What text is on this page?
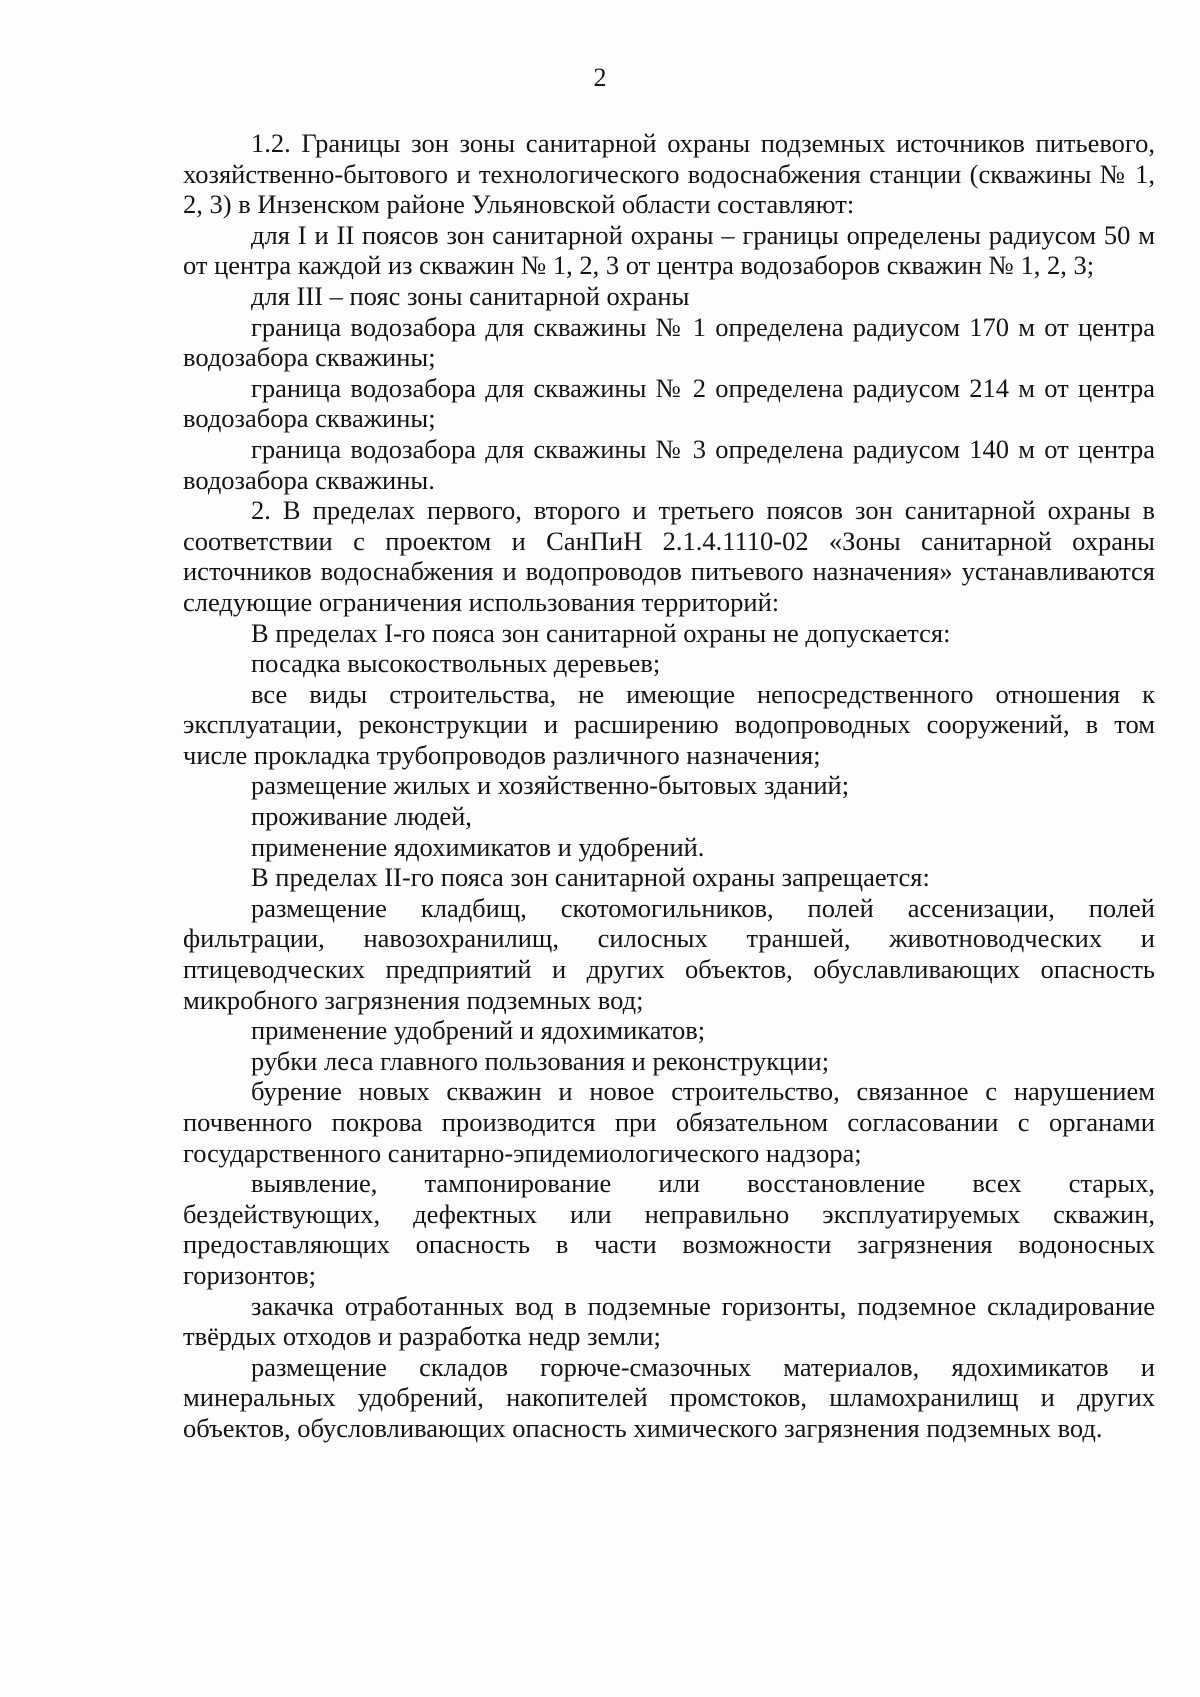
2

1.2. Границы зон зоны санитарной охраны подземных источников питьевого, хозяйственно-бытового и технологического водоснабжения станции (скважины № 1, 2, 3) в Инзенском районе Ульяновской области составляют:

для I и II поясов зон санитарной охраны – границы определены радиусом 50 м от центра каждой из скважин № 1, 2, 3 от центра водозаборов скважин № 1, 2, 3;

для III – пояс зоны санитарной охраны

граница водозабора для скважины № 1 определена радиусом 170 м от центра водозабора скважины;

граница водозабора для скважины № 2 определена радиусом 214 м от центра водозабора скважины;

граница водозабора для скважины № 3 определена радиусом 140 м от центра водозабора скважины.

2. В пределах первого, второго и третьего поясов зон санитарной охраны в соответствии с проектом и СанПиН 2.1.4.1110-02 «Зоны санитарной охраны источников водоснабжения и водопроводов питьевого назначения» устанавливаются следующие ограничения использования территорий:

В пределах I-го пояса зон санитарной охраны не допускается:

посадка высокоствольных деревьев;

все виды строительства, не имеющие непосредственного отношения к эксплуатации, реконструкции и расширению водопроводных сооружений, в том числе прокладка трубопроводов различного назначения;

размещение жилых и хозяйственно-бытовых зданий;

проживание людей,

применение ядохимикатов и удобрений.

В пределах II-го пояса зон санитарной охраны запрещается:

размещение кладбищ, скотомогильников, полей ассенизации, полей фильтрации, навозохранилищ, силосных траншей, животноводческих и птицеводческих предприятий и других объектов, обуславливающих опасность микробного загрязнения подземных вод;

применение удобрений и ядохимикатов;

рубки леса главного пользования и реконструкции;

бурение новых скважин и новое строительство, связанное с нарушением почвенного покрова производится при обязательном согласовании с органами государственного санитарно-эпидемиологического надзора;

выявление, тампонирование или восстановление всех старых, бездействующих, дефектных или неправильно эксплуатируемых скважин, предоставляющих опасность в части возможности загрязнения водоносных горизонтов;

закачка отработанных вод в подземные горизонты, подземное складирование твёрдых отходов и разработка недр земли;

размещение складов горюче-смазочных материалов, ядохимикатов и минеральных удобрений, накопителей промстоков, шламохранилищ и других объектов, обусловливающих опасность химического загрязнения подземных вод.
